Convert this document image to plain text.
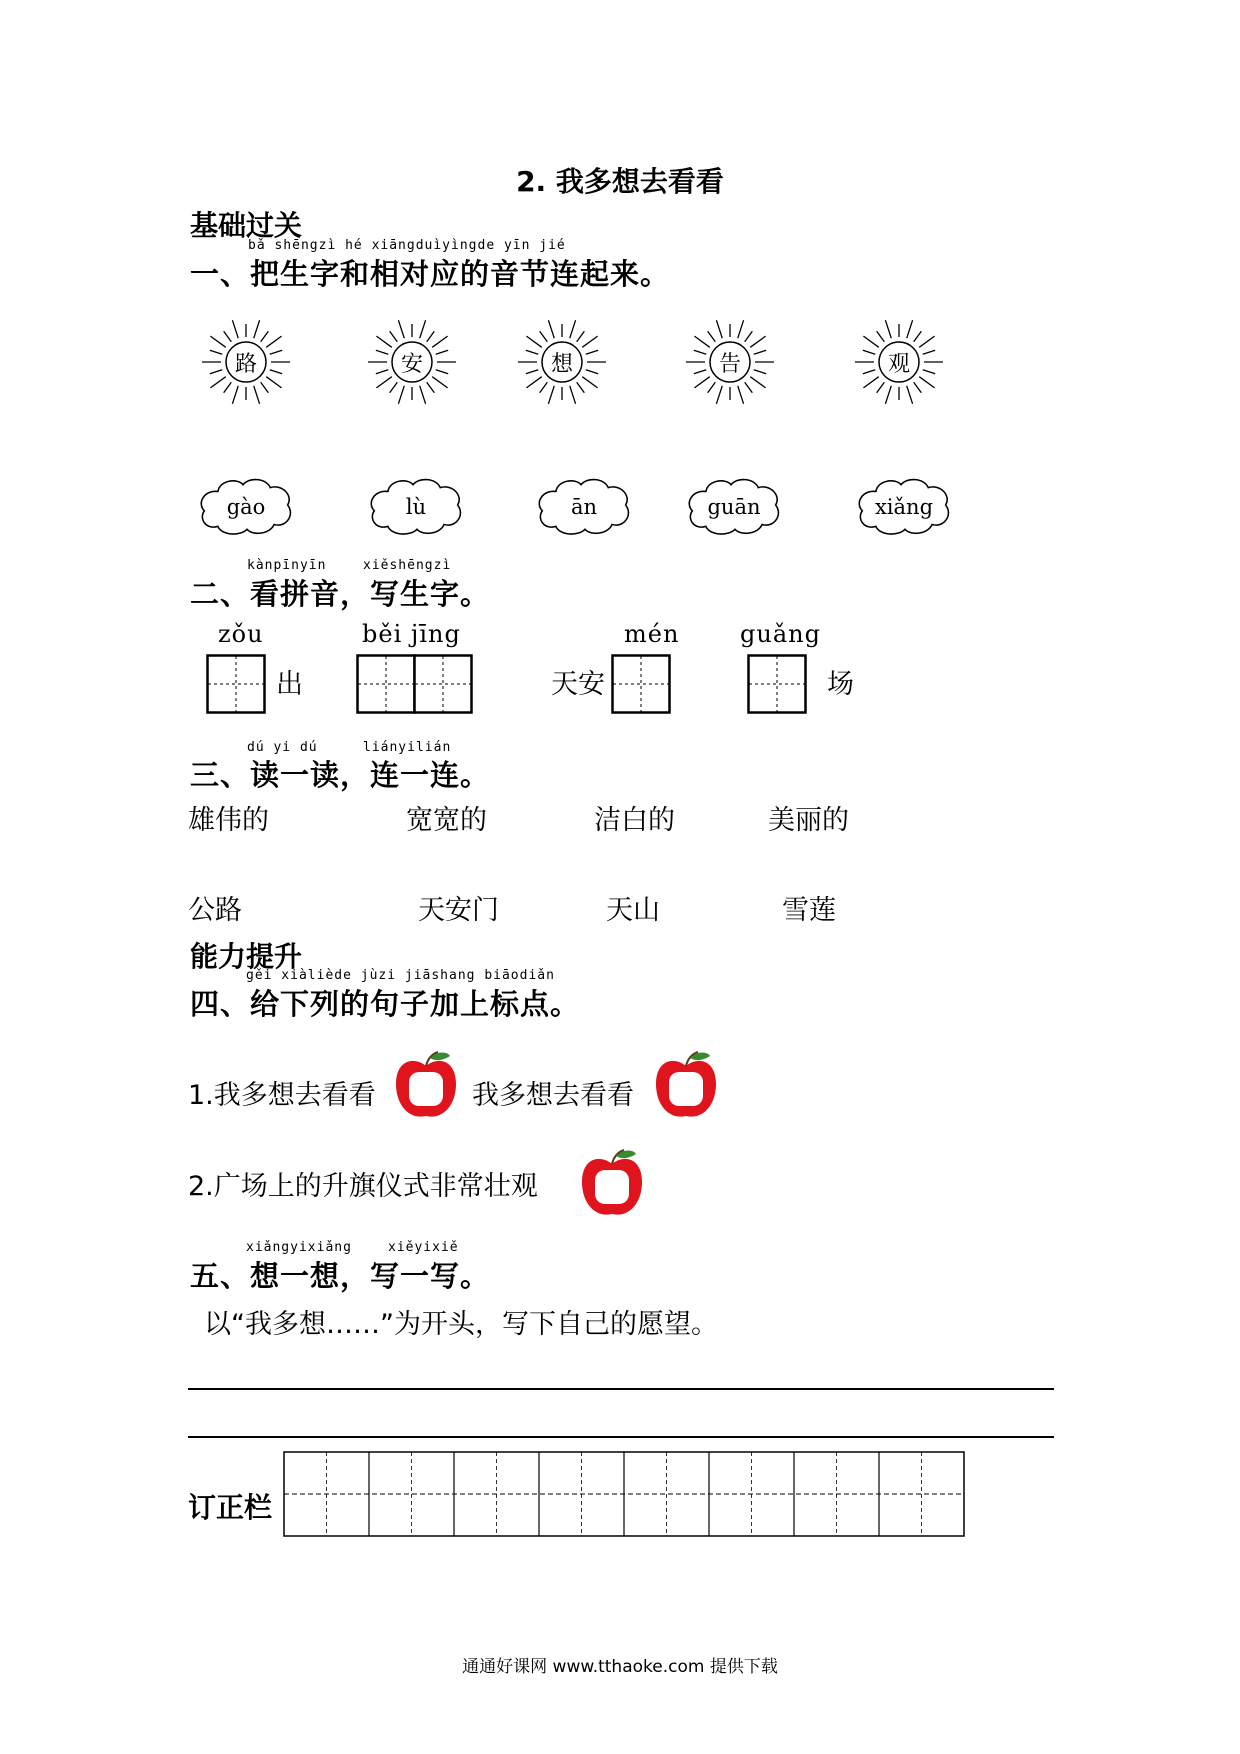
2. 我多想去看看
基础过关
bǎ shēngzì hé xiāngduìyìngde yīn jié
一、把生字和相对应的音节连起来。
路	安	想	告	观
gào	lù	ān	guān	xiǎng
kànpīnyīn	xiěshēngzì
二、看拼音，写生字。
zǒu
出
běi jīng
天安
mén	guǎng
场
dú yi dú	liányilián
三、读一读，连一连。
雄伟的	宽宽的	洁白的	美丽的
公路	天安门	天山	雪莲
能力提升
gěi xiàliède jùzi jiāshang biāodiǎn
四、给下列的句子加上标点。
1.我多想去看看	我多想去看看
2.广场上的升旗仪式非常壮观
xiǎngyixiǎng	xiěyixiě
五、想一想，写一写。
以“我多想……”为开头，写下自己的愿望。
订正栏
通通好课网 www.tthaoke.com 提供下载
